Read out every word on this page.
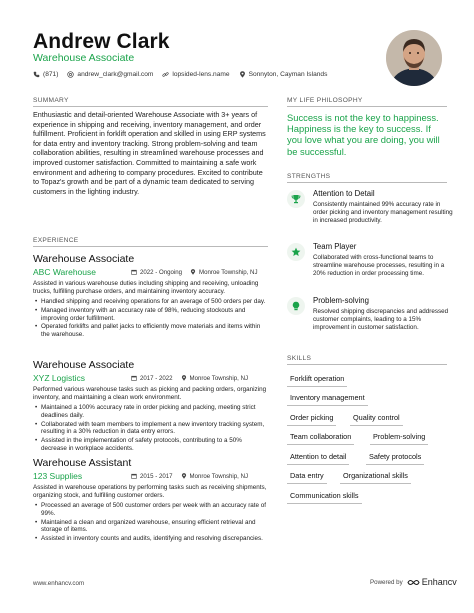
Andrew Clark
Warehouse Associate
(871)	andrew_clark@gmail.com	lopsided-lens.name	Sonnyton, Cayman Islands
SUMMARY
Enthusiastic and detail-oriented Warehouse Associate with 3+ years of experience in shipping and receiving, inventory management, and order fulfillment. Proficient in forklift operation and skilled in using ERP systems for data entry and inventory tracking. Strong problem-solving and team collaboration abilities, resulting in streamlined warehouse processes and improved customer satisfaction. Committed to maintaining a safe work environment and adhering to company procedures. Excited to contribute to Topaz's growth and be part of a dynamic team dedicated to serving customers in the lighting industry.
EXPERIENCE
Warehouse Associate
ABC Warehouse	2022 - Ongoing	Monroe Township, NJ
Assisted in various warehouse duties including shipping and receiving, unloading trucks, fulfilling purchase orders, and maintaining inventory accuracy.
• Handled shipping and receiving operations for an average of 500 orders per day.
• Managed inventory with an accuracy rate of 98%, reducing stockouts and improving order fulfillment.
• Operated forklifts and pallet jacks to efficiently move materials and items within the warehouse.
Warehouse Associate
XYZ Logistics	2017 - 2022	Monroe Township, NJ
Performed various warehouse tasks such as picking and packing orders, organizing inventory, and maintaining a clean work environment.
• Maintained a 100% accuracy rate in order picking and packing, meeting strict deadlines daily.
• Collaborated with team members to implement a new inventory tracking system, resulting in a 30% reduction in data entry errors.
• Assisted in the implementation of safety protocols, contributing to a 50% decrease in workplace accidents.
Warehouse Assistant
123 Supplies	2015 - 2017	Monroe Township, NJ
Assisted in warehouse operations by performing tasks such as receiving shipments, organizing stock, and fulfilling customer orders.
• Processed an average of 500 customer orders per week with an accuracy rate of 99%.
• Maintained a clean and organized warehouse, ensuring efficient retrieval and storage of items.
• Assisted in inventory counts and audits, identifying and resolving discrepancies.
MY LIFE PHILOSOPHY
Success is not the key to happiness. Happiness is the key to success. If you love what you are doing, you will be successful.
STRENGTHS
Attention to Detail
Consistently maintained 99% accuracy rate in order picking and inventory management resulting in increased productivity.
Team Player
Collaborated with cross-functional teams to streamline warehouse processes, resulting in a 20% reduction in order processing time.
Problem-solving
Resolved shipping discrepancies and addressed customer complaints, leading to a 15% improvement in customer satisfaction.
SKILLS
Forklift operation
Inventory management
Order picking	Quality control
Team collaboration	Problem-solving
Attention to detail	Safety protocols
Data entry	Organizational skills
Communication skills
www.enhancv.com	Powered by Enhancv
